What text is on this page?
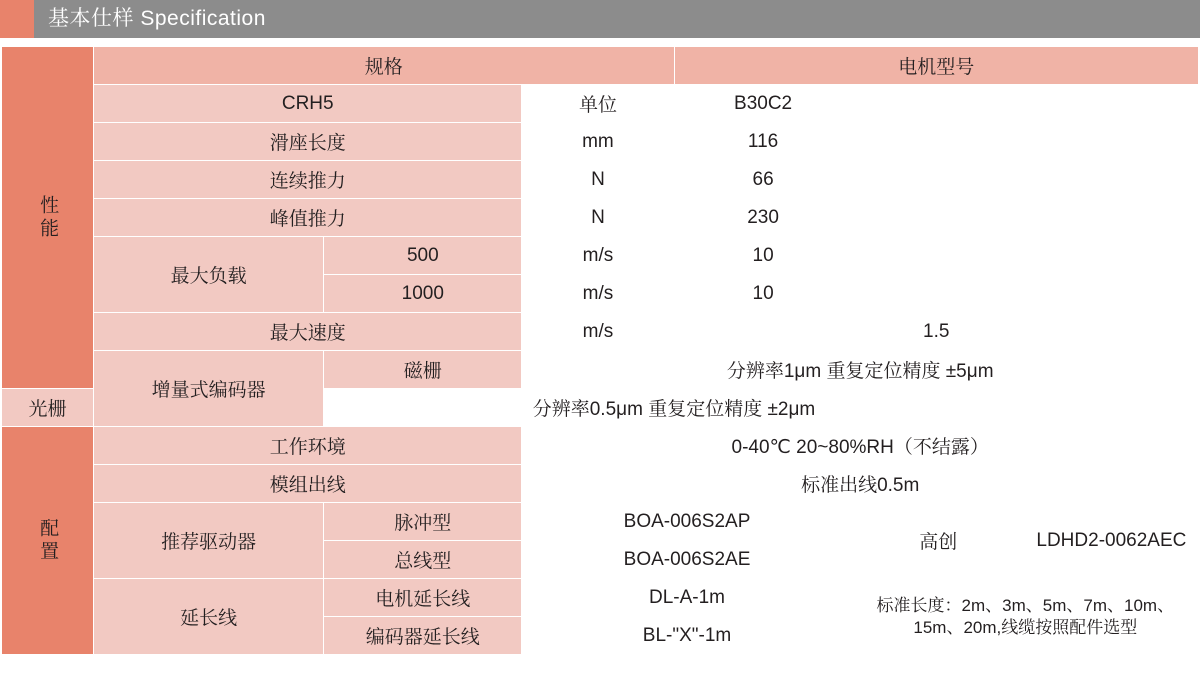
基本仕样 Specification
性能	规格			电机型号		
	CRH5		单位	B30C2		
	滑座长度		mm	116		
	连续推力		N	66		
	峰值推力		N	230		
	最大负载	500	m/s	10		
		1000	m/s	10		
	最大速度		m/s	1.5		
	增量式编码器	磁栅	分辨率1μm 重复定位精度 ±5μm			
光栅		分辨率0.5μm 重复定位精度 ±2μm				

配置	工作环境		0-40℃ 20~80%RH（不结露）			
	模组出线		标准出线0.5m			
	推荐驱动器	脉冲型	BOA-006S2AP		高创	LDHD2-0062AEC
		总线型	BOA-006S2AE			
	延长线	电机延长线	DL-A-1m		标准长度：2m、3m、5m、7m、10m、15m、20m,线缆按照配件选型	
		编码器延长线	BL-"X"-1m			
